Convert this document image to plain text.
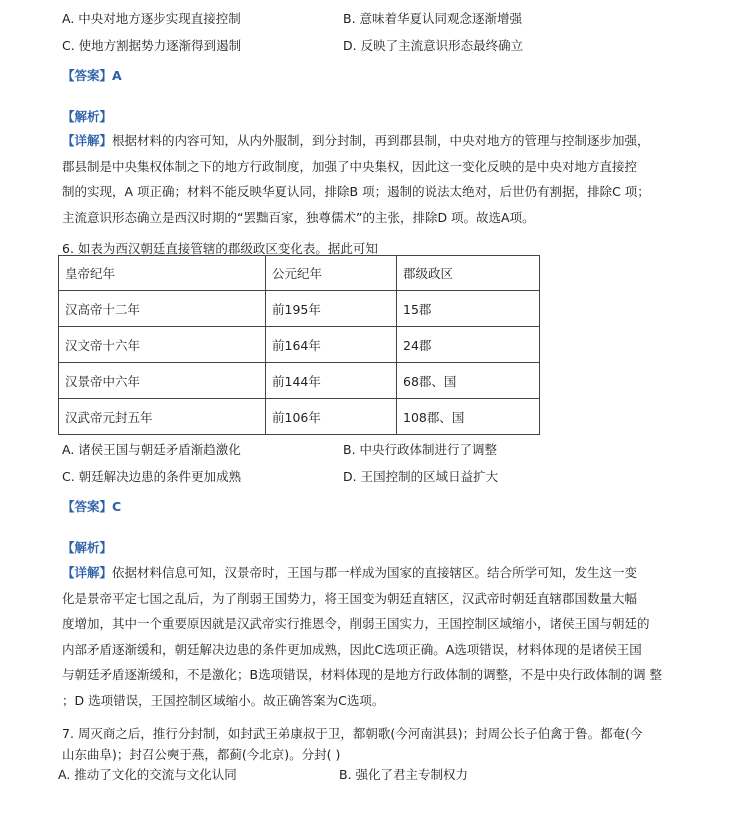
A. 中央对地方逐步实现直接控制	B. 意味着华夏认同观念逐渐增强
C. 使地方割据势力逐渐得到遏制	D. 反映了主流意识形态最终确立
【答案】A
【解析】

【详解】根据材料的内容可知，从内外服制，到分封制，再到郡县制，中央对地方的管理与控制逐步加强，

郡县制是中央集权体制之下的地方行政制度，加强了中央集权，因此这一变化反映的是中央对地方直接控

制的实现，A 项正确；材料不能反映华夏认同，排除B 项；遏制的说法太绝对，后世仍有割据，排除C 项；

主流意识形态确立是西汉时期的“罢黜百家，独尊儒术”的主张，排除D 项。故选A项。

6. 如表为西汉朝廷直接管辖的郡级政区变化表。据此可知
皇帝纪年	公元纪年	郡级政区
汉高帝十二年	前195年	15郡
汉文帝十六年	前164年	24郡
汉景帝中六年	前144年	68郡、国
汉武帝元封五年	前106年	108郡、国
A. 诸侯王国与朝廷矛盾渐趋激化	B. 中央行政体制进行了调整
C. 朝廷解决边患的条件更加成熟	D. 王国控制的区域日益扩大
【答案】C
【解析】

【详解】依据材料信息可知，汉景帝时，王国与郡一样成为国家的直接辖区。结合所学可知，发生这一变

化是景帝平定七国之乱后，为了削弱王国势力，将王国变为朝廷直辖区，汉武帝时朝廷直辖郡国数量大幅

度增加，其中一个重要原因就是汉武帝实行推恩令，削弱王国实力，王国控制区域缩小，诸侯王国与朝廷的

内部矛盾逐渐缓和，朝廷解决边患的条件更加成熟，因此C选项正确。A选项错误，材料体现的是诸侯王国

与朝廷矛盾逐渐缓和，不是激化；B选项错误，材料体现的是地方行政体制的调整，不是中央行政体制的调 整

；D 选项错误，王国控制区域缩小。故正确答案为C选项。

7. 周灭商之后，推行分封制，如封武王弟康叔于卫，都朝歌(今河南淇县)；封周公长子伯禽于鲁。都奄(今

山东曲阜)；封召公奭于燕，都蓟(今北京)。分封( )

A. 推动了文化的交流与文化认同	B. 强化了君主专制权力
